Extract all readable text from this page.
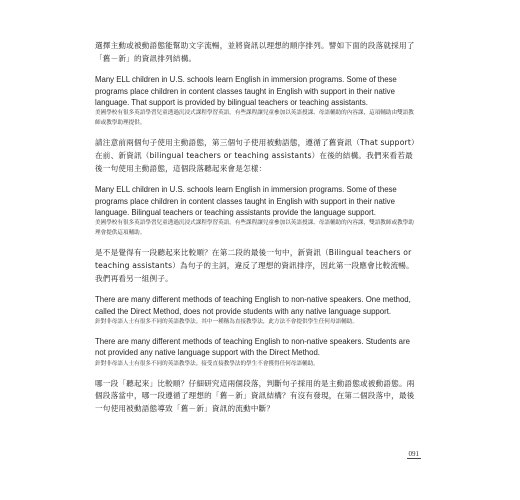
選擇主動或被動語態能幫助文字流暢，並將資訊以理想的順序排列。譬如下面的段落就採用了「舊－新」的資訊排列結構。

Many ELL children in U.S. schools learn English in immersion programs. Some of these programs place children in content classes taught in English with support in their native language. That support is provided by bilingual teachers or teaching assistants.

美國學校有很多英語學習兒童透過沉浸式課程學習英語。有些課程讓兒童參加以英語授課、母語輔助的內容課，這項輔助由雙語教師或教學助理提供。

請注意前兩個句子使用主動語態，第三個句子使用被動語態，遵循了舊資訊（That support）在前、新資訊（bilingual teachers or teaching assistants）在後的結構。我們來看若最後一句使用主動語態，這個段落聽起來會是怎樣：

Many ELL children in U.S. schools learn English in immersion programs. Some of these programs place children in content classes taught in English with support in their native language. Bilingual teachers or teaching assistants provide the language support.

美國學校有很多英語學習兒童透過沉浸式課程學習英語。有些課程讓兒童參加以英語授課、母語輔助的內容課，雙語教師或教學助理會提供這項輔助。

是不是覺得有一段聽起來比較順？在第二段的最後一句中，新資訊（Bilingual teachers or teaching assistants）為句子的主詞，違反了理想的資訊排序，因此第一段應會比較流暢。我們再看另一組例子。

There are many different methods of teaching English to non-native speakers. One method, called the Direct Method, does not provide students with any native language support.

針對非母語人士有很多不同的英語教學法。其中一種稱為直接教學法，此方法不會提供學生任何母語輔助。

There are many different methods of teaching English to non-native speakers. Students are not provided any native language support with the Direct Method.

針對非母語人士有很多不同的英語教學法。接受直接教學法的學生不會獲得任何母語輔助。

哪一段「聽起來」比較順？仔細研究這兩個段落，判斷句子採用的是主動語態或被動語態。兩個段落當中，哪一段遵循了理想的「舊－新」資訊結構？有沒有發現，在第二個段落中，最後一句使用被動語態導致「舊－新」資訊的流動中斷？

091
